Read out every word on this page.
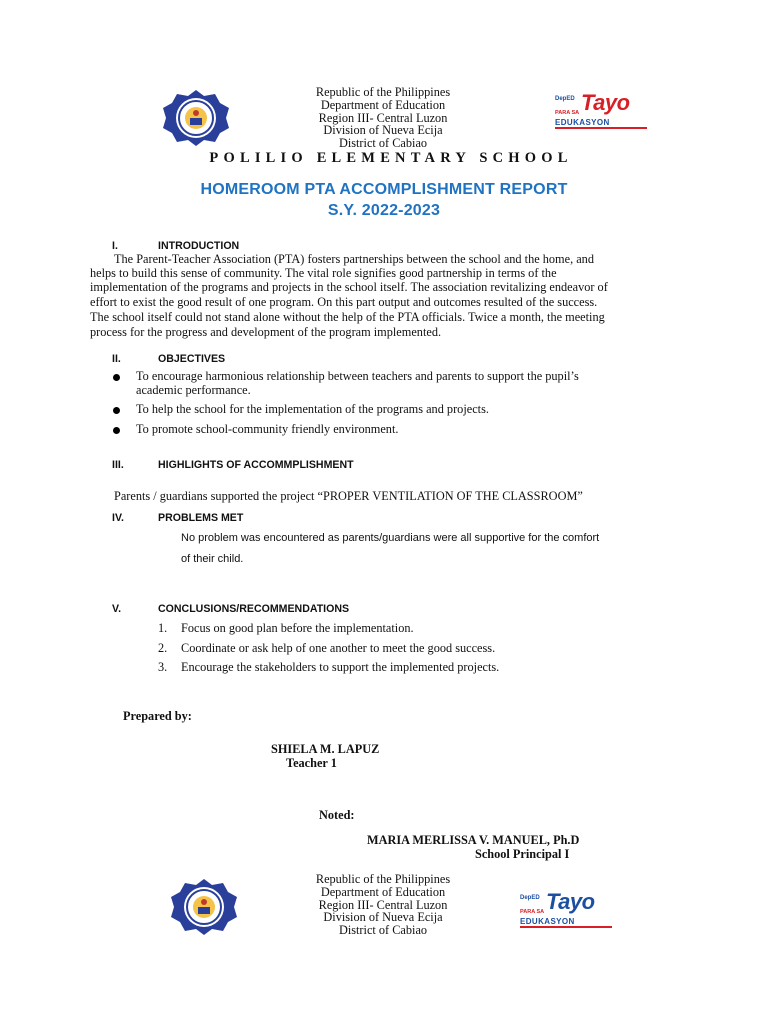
Republic of the Philippines
Department of Education
Region III- Central Luzon
Division of Nueva Ecija
District of Cabiao
DepED Tayo
PARA SA
EDUKASYON
POLILIO ELEMENTARY SCHOOL
HOMEROOM PTA ACCOMPLISHMENT REPORT
S.Y. 2022-2023
I.	INTRODUCTION
The Parent-Teacher Association (PTA) fosters partnerships between the school and the home, and
helps to build this sense of community. The vital role signifies good partnership in terms of the
implementation of the programs and projects in the school itself. The association revitalizing endeavor of
effort to exist the good result of one program. On this part output and outcomes resulted of the success.
The school itself could not stand alone without the help of the PTA officials. Twice a month, the meeting
process for the progress and development of the program implemented.
II.	OBJECTIVES
To encourage harmonious relationship between teachers and parents to support the pupil’s
academic performance.
To help the school for the implementation of the programs and projects.
To promote school-community friendly environment.
III.	HIGHLIGHTS OF ACCOMMPLISHMENT
Parents / guardians supported the project “PROPER VENTILATION OF THE CLASSROOM”
IV.	PROBLEMS MET
No problem was encountered as parents/guardians were all supportive for the comfort
of their child.
V.	CONCLUSIONS/RECOMMENDATIONS
1. Focus on good plan before the implementation.
2. Coordinate or ask help of one another to meet the good success.
3. Encourage the stakeholders to support the implemented projects.
Prepared by:
SHIELA M. LAPUZ
Teacher 1
Noted:
MARIA MERLISSA V. MANUEL, Ph.D
School Principal I
Republic of the Philippines
Department of Education
Region III- Central Luzon
Division of Nueva Ecija
District of Cabiao
DepED Tayo
PARA SA
EDUKASYON
